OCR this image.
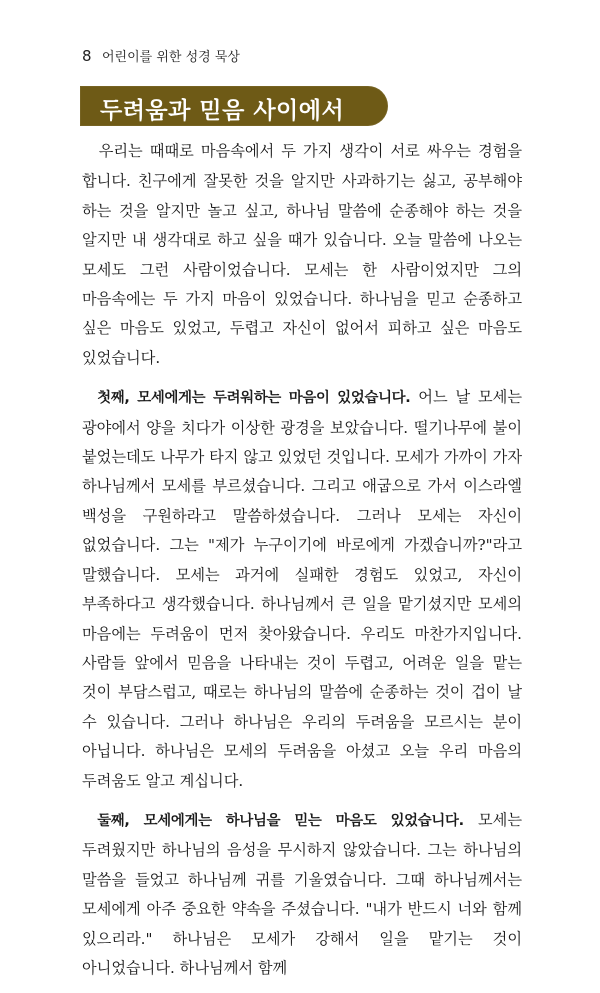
8 어린이를 위한 성경 묵상
두려움과 믿음 사이에서

우리는 때때로 마음속에서 두 가지 생각이 서로 싸우는 경험을 합니다. 친구에게 잘못한 것을 알지만 사과하기는 싫고, 공부해야 하는 것을 알지만 놀고 싶고, 하나님 말씀에 순종해야 하는 것을 알지만 내 생각대로 하고 싶을 때가 있습니다. 오늘 말씀에 나오는 모세도 그런 사람이었습니다. 모세는 한 사람이었지만 그의 마음속에는 두 가지 마음이 있었습니다. 하나님을 믿고 순종하고 싶은 마음도 있었고, 두렵고 자신이 없어서 피하고 싶은 마음도 있었습니다.

첫째, 모세에게는 두려워하는 마음이 있었습니다. 어느 날 모세는 광야에서 양을 치다가 이상한 광경을 보았습니다. 떨기나무에 불이 붙었는데도 나무가 타지 않고 있었던 것입니다. 모세가 가까이 가자 하나님께서 모세를 부르셨습니다. 그리고 애굽으로 가서 이스라엘 백성을 구원하라고 말씀하셨습니다. 그러나 모세는 자신이 없었습니다. 그는 "제가 누구이기에 바로에게 가겠습니까?"라고 말했습니다. 모세는 과거에 실패한 경험도 있었고, 자신이 부족하다고 생각했습니다. 하나님께서 큰 일을 맡기셨지만 모세의 마음에는 두려움이 먼저 찾아왔습니다. 우리도 마찬가지입니다. 사람들 앞에서 믿음을 나타내는 것이 두렵고, 어려운 일을 맡는 것이 부담스럽고, 때로는 하나님의 말씀에 순종하는 것이 겁이 날 수 있습니다. 그러나 하나님은 우리의 두려움을 모르시는 분이 아닙니다. 하나님은 모세의 두려움을 아셨고 오늘 우리 마음의 두려움도 알고 계십니다.

둘째, 모세에게는 하나님을 믿는 마음도 있었습니다. 모세는 두려웠지만 하나님의 음성을 무시하지 않았습니다. 그는 하나님의 말씀을 들었고 하나님께 귀를 기울였습니다. 그때 하나님께서는 모세에게 아주 중요한 약속을 주셨습니다. "내가 반드시 너와 함께 있으리라." 하나님은 모세가 강해서 일을 맡기는 것이 아니었습니다. 하나님께서 함께
